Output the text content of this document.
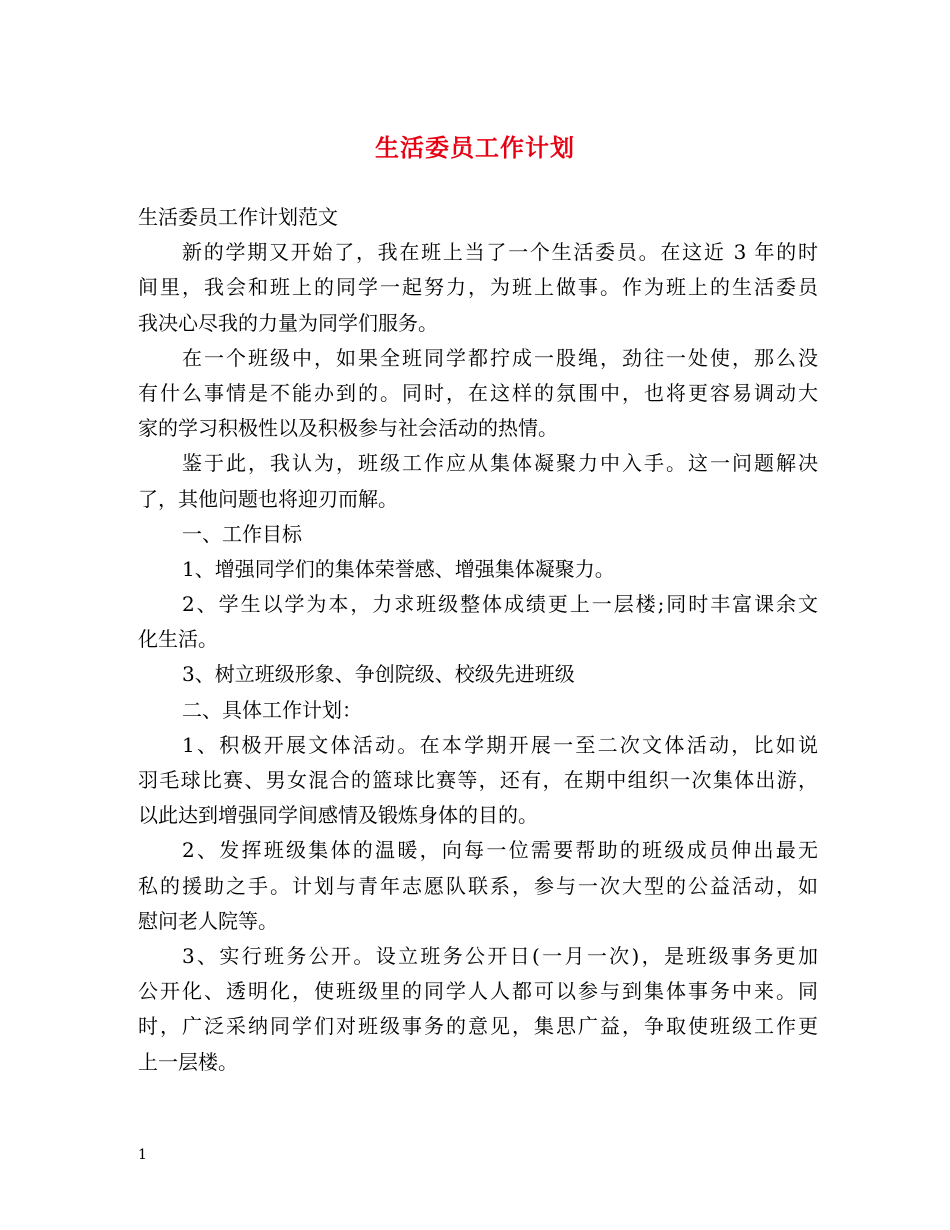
生活委员工作计划
生活委员工作计划范文
新的学期又开始了，我在班上当了一个生活委员。在这近 3 年的时
间里，我会和班上的同学一起努力，为班上做事。作为班上的生活委员
我决心尽我的力量为同学们服务。
在一个班级中，如果全班同学都拧成一股绳，劲往一处使，那么没
有什么事情是不能办到的。同时，在这样的氛围中，也将更容易调动大
家的学习积极性以及积极参与社会活动的热情。
鉴于此，我认为，班级工作应从集体凝聚力中入手。这一问题解决
了，其他问题也将迎刃而解。
一、工作目标
1、增强同学们的集体荣誉感、增强集体凝聚力。
2、学生以学为本，力求班级整体成绩更上一层楼;同时丰富课余文
化生活。
3、树立班级形象、争创院级、校级先进班级
二、具体工作计划：
1、积极开展文体活动。在本学期开展一至二次文体活动，比如说
羽毛球比赛、男女混合的篮球比赛等，还有，在期中组织一次集体出游，
以此达到增强同学间感情及锻炼身体的目的。
2、发挥班级集体的温暖，向每一位需要帮助的班级成员伸出最无
私的援助之手。计划与青年志愿队联系，参与一次大型的公益活动，如
慰问老人院等。
3、实行班务公开。设立班务公开日(一月一次)，是班级事务更加
公开化、透明化，使班级里的同学人人都可以参与到集体事务中来。同
时，广泛采纳同学们对班级事务的意见，集思广益，争取使班级工作更
上一层楼。
1
